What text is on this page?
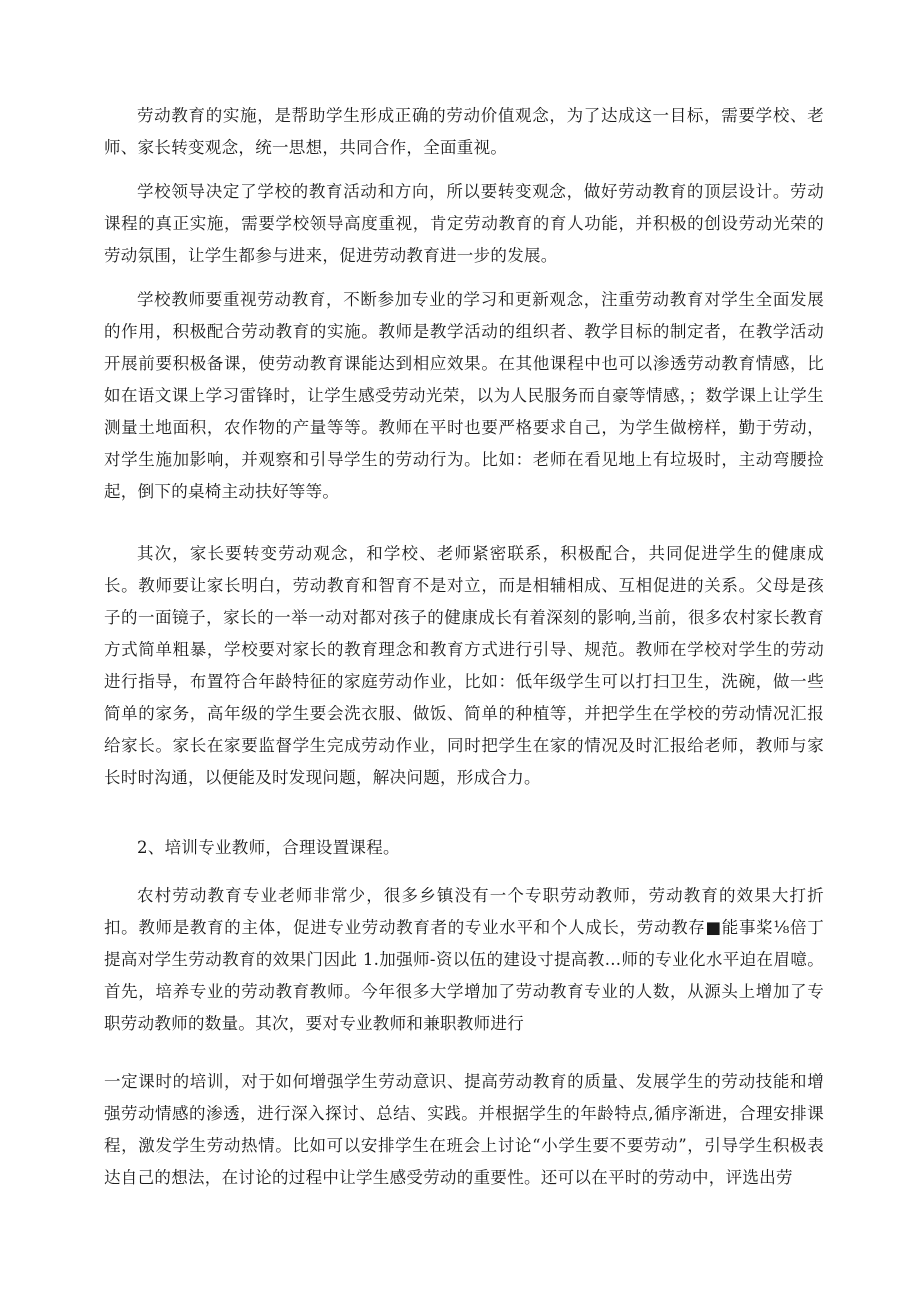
劳动教育的实施，是帮助学生形成正确的劳动价值观念，为了达成这一目标，需要学校、老师、家长转变观念，统一思想，共同合作，全面重视。

学校领导决定了学校的教育活动和方向，所以要转变观念，做好劳动教育的顶层设计。劳动课程的真正实施，需要学校领导高度重视，肯定劳动教育的育人功能，并积极的创设劳动光荣的劳动氛围，让学生都参与进来，促进劳动教育进一步的发展。

学校教师要重视劳动教育，不断参加专业的学习和更新观念，注重劳动教育对学生全面发展的作用，积极配合劳动教育的实施。教师是教学活动的组织者、教学目标的制定者，在教学活动开展前要积极备课，使劳动教育课能达到相应效果。在其他课程中也可以渗透劳动教育情感，比如在语文课上学习雷锋时，让学生感受劳动光荣，以为人民服务而自豪等情感，；数学课上让学生测量土地面积，农作物的产量等等。教师在平时也要严格要求自己，为学生做榜样，勤于劳动，对学生施加影响，并观察和引导学生的劳动行为。比如：老师在看见地上有垃圾时，主动弯腰捡起，倒下的桌椅主动扶好等等。

其次，家长要转变劳动观念，和学校、老师紧密联系，积极配合，共同促进学生的健康成长。教师要让家长明白，劳动教育和智育不是对立，而是相辅相成、互相促进的关系。父母是孩子的一面镜子，家长的一举一动对都对孩子的健康成长有着深刻的影响,当前，很多农村家长教育方式简单粗暴，学校要对家长的教育理念和教育方式进行引导、规范。教师在学校对学生的劳动进行指导，布置符合年龄特征的家庭劳动作业，比如：低年级学生可以打扫卫生，洗碗，做一些简单的家务，高年级的学生要会洗衣服、做饭、简单的种植等，并把学生在学校的劳动情况汇报给家长。家长在家要监督学生完成劳动作业，同时把学生在家的情况及时汇报给老师，教师与家长时时沟通，以便能及时发现问题，解决问题，形成合力。

2、培训专业教师，合理设置课程。

农村劳动教育专业老师非常少，很多乡镇没有一个专职劳动教师，劳动教育的效果大打折扣。教师是教育的主体，促进专业劳动教育者的专业水平和个人成长，劳动教存■能事桨⅛倍丁提高对学生劳动教育的效果门因此 1.加强师-资以伍的建设寸提高教…师的专业化水平迫在眉噫。首先，培养专业的劳动教育教师。今年很多大学增加了劳动教育专业的人数，从源头上增加了专职劳动教师的数量。其次，要对专业教师和兼职教师进行

一定课时的培训，对于如何增强学生劳动意识、提高劳动教育的质量、发展学生的劳动技能和增强劳动情感的渗透，进行深入探讨、总结、实践。并根据学生的年龄特点,循序渐进，合理安排课程，激发学生劳动热情。比如可以安排学生在班会上讨论“小学生要不要劳动”，引导学生积极表达自己的想法，在讨论的过程中让学生感受劳动的重要性。还可以在平时的劳动中，评选出劳
